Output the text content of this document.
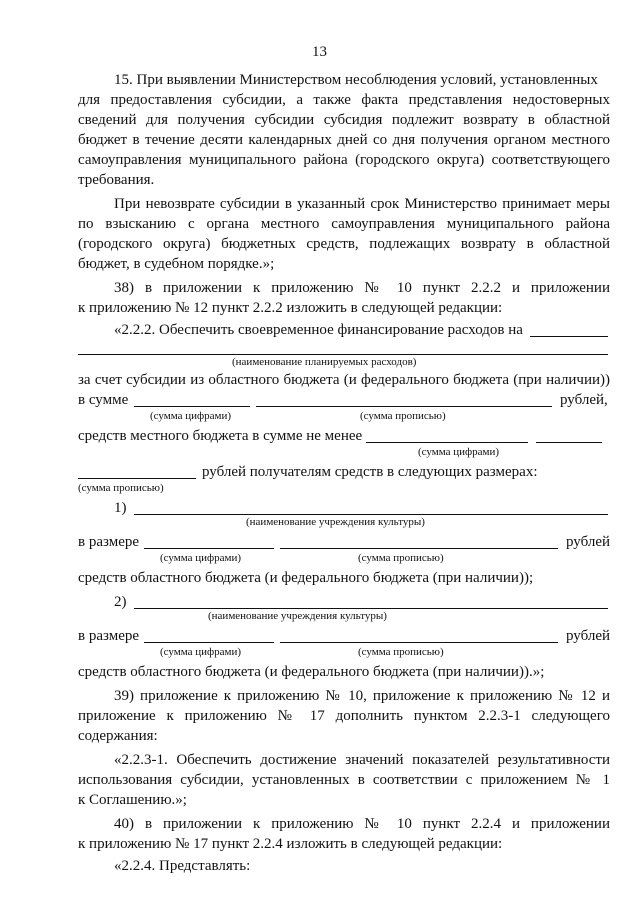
13
15. При выявлении Министерством несоблюдения условий, установленных
для предоставления субсидии, а также факта представления недостоверных
сведений для получения субсидии субсидия подлежит возврату в областной
бюджет в течение десяти календарных дней со дня получения органом местного
самоуправления муниципального района (городского округа) соответствующего
требования.
При невозврате субсидии в указанный срок Министерство принимает меры
по взысканию с органа местного самоуправления муниципального района
(городского округа) бюджетных средств, подлежащих возврату в областной
бюджет, в судебном порядке.»;
38) в приложении к приложению № 10 пункт 2.2.2 и приложении
к приложению № 12 пункт 2.2.2 изложить в следующей редакции:
«2.2.2. Обеспечить своевременное финансирование расходов на
(наименование планируемых расходов)
за счет субсидии из областного бюджета (и федерального бюджета (при наличии))
в сумме	рублей,
(сумма цифрами)	(сумма прописью)
средств местного бюджета в сумме не менее
(сумма цифрами)
рублей получателям средств в следующих размерах:
(сумма прописью)
1)
(наименование учреждения культуры)
в размере	рублей
(сумма цифрами)	(сумма прописью)
средств областного бюджета (и федерального бюджета (при наличии));
2)
(наименование учреждения культуры)
в размере	рублей
(сумма цифрами)	(сумма прописью)
средств областного бюджета (и федерального бюджета (при наличии)).»;
39) приложение к приложению № 10, приложение к приложению № 12 и
приложение к приложению № 17 дополнить пунктом 2.2.3-1 следующего
содержания:
«2.2.3-1. Обеспечить достижение значений показателей результативности
использования субсидии, установленных в соответствии с приложением № 1
к Соглашению.»;
40) в приложении к приложению № 10 пункт 2.2.4 и приложении
к приложению № 17 пункт 2.2.4 изложить в следующей редакции:
«2.2.4. Представлять:
